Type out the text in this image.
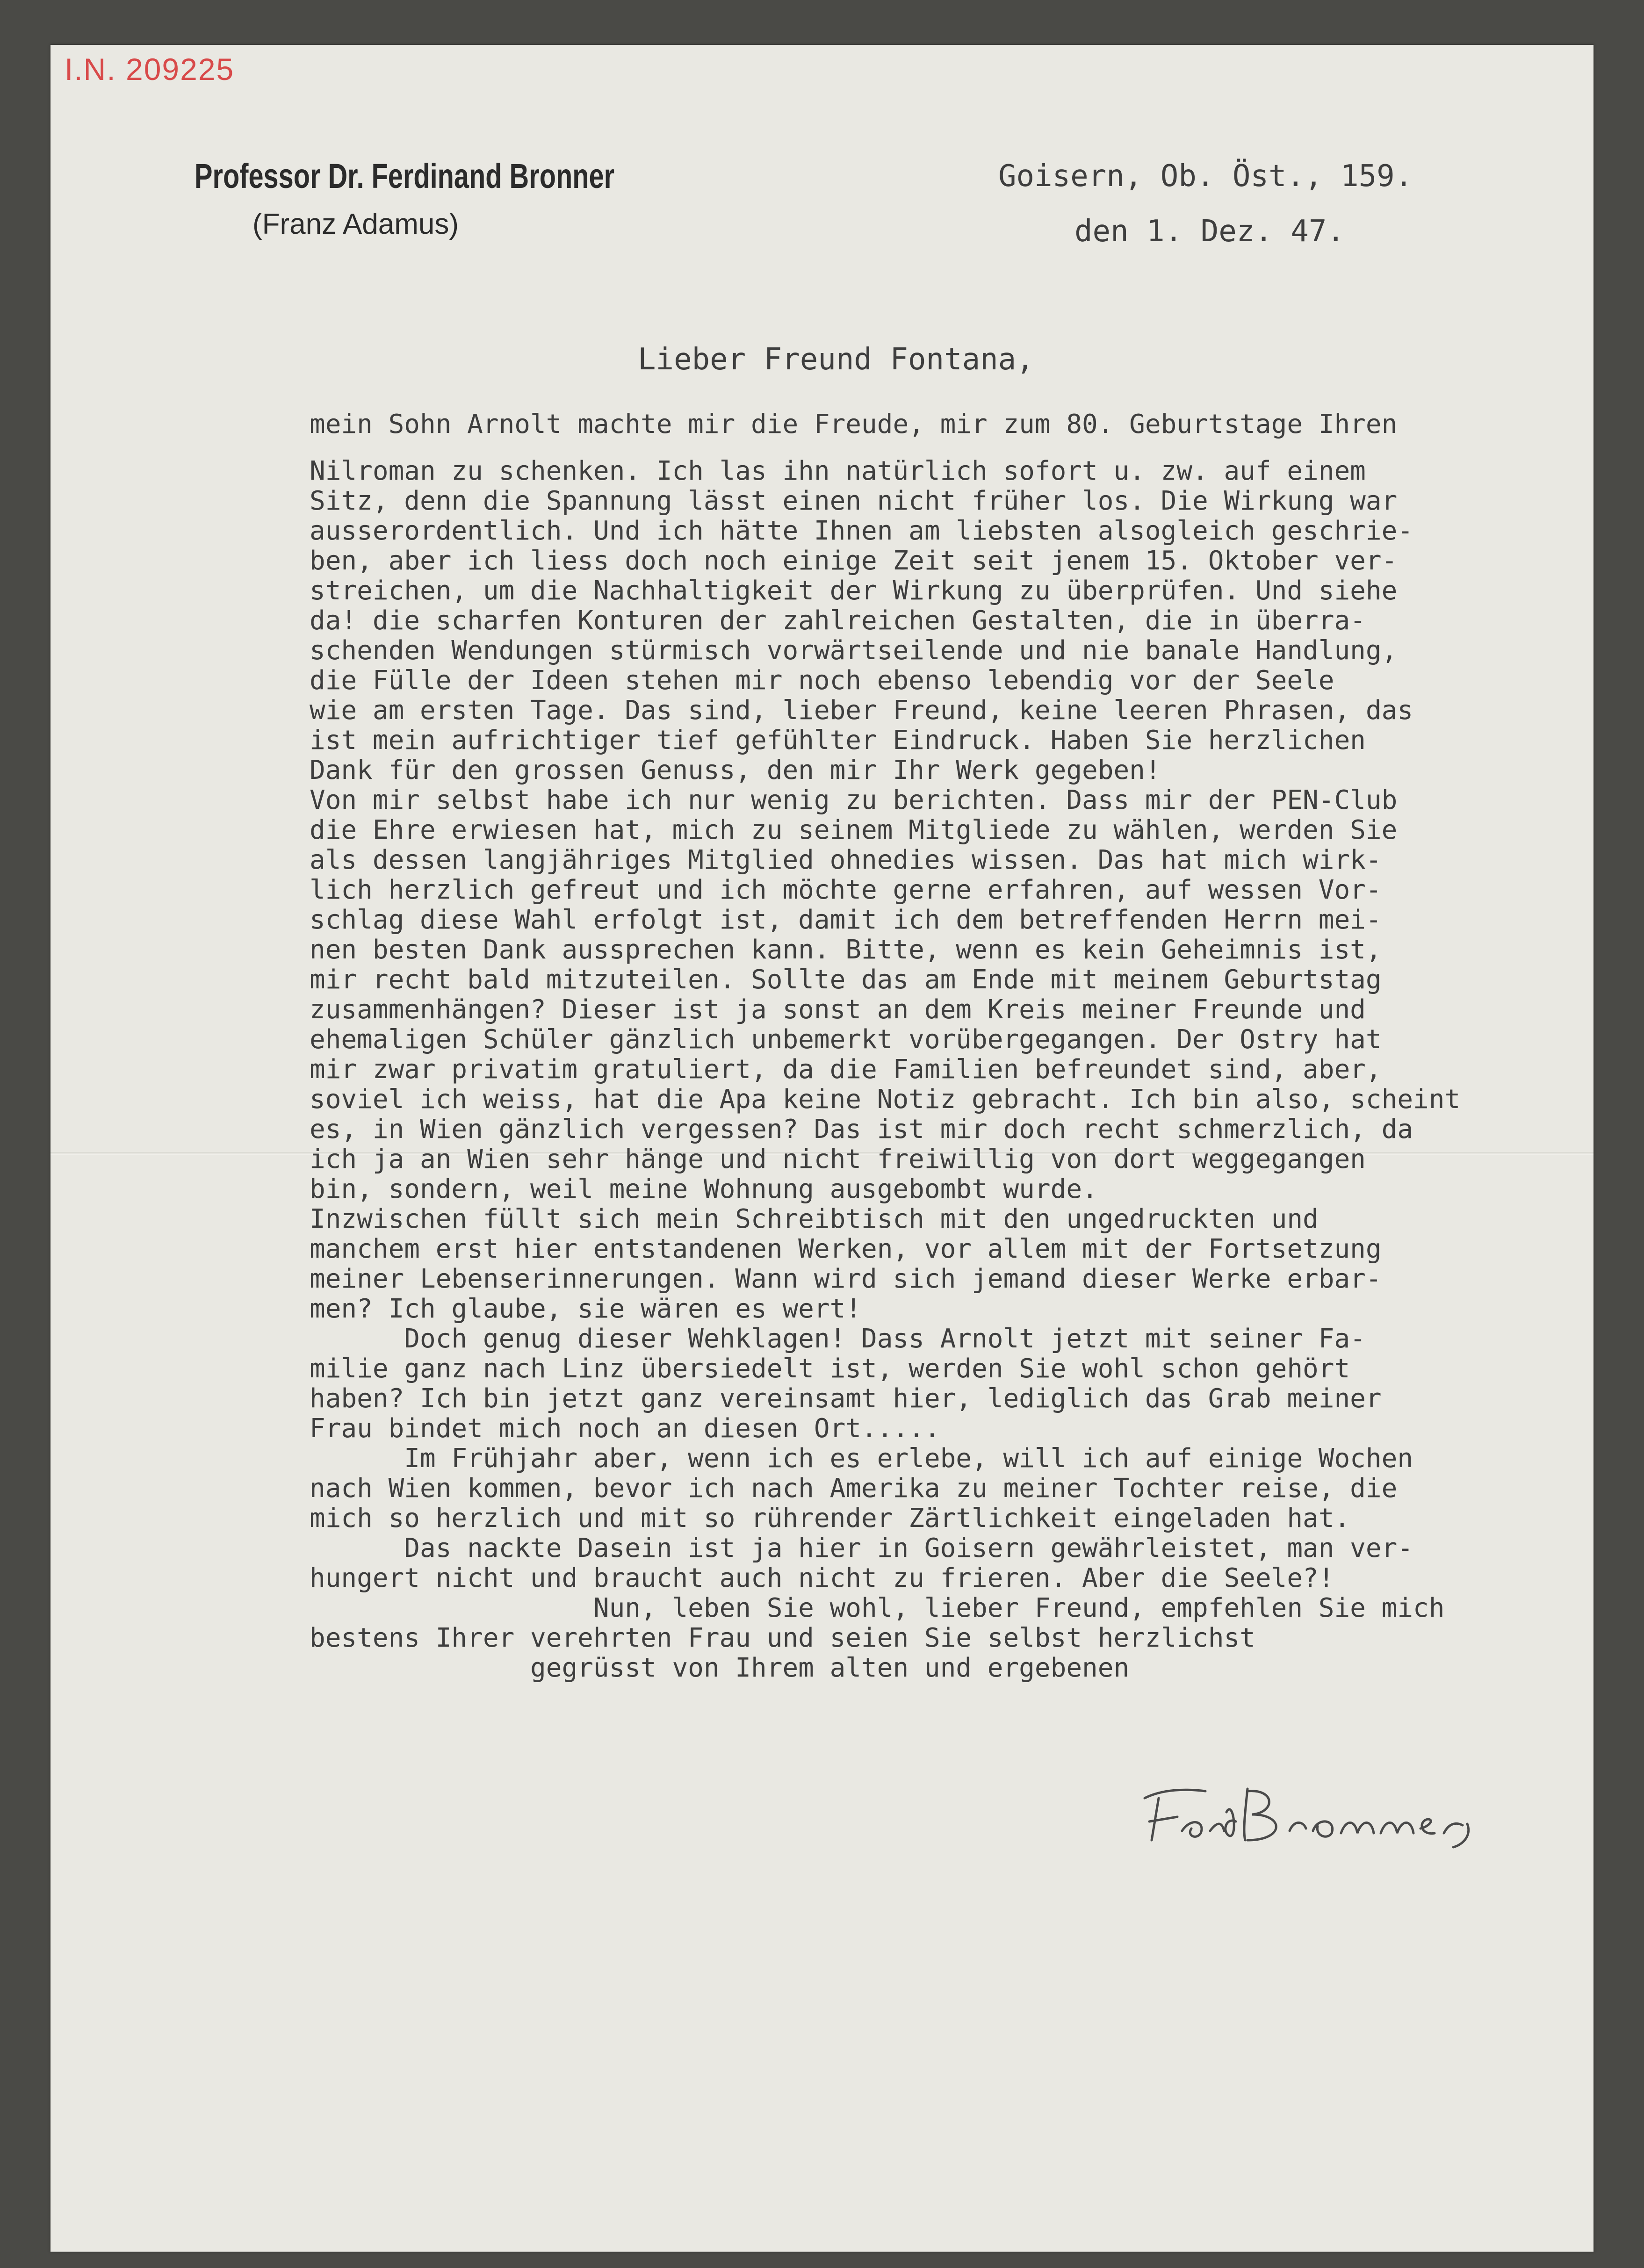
I.N. 209225
Professor Dr. Ferdinand Bronner
(Franz Adamus)
Goisern, Ob. Öst., 159.
den 1. Dez. 47.
Lieber Freund Fontana,
mein Sohn Arnolt machte mir die Freude, mir zum 80. Geburtstage Ihren
Nilroman zu schenken. Ich las ihn natürlich sofort u. zw. auf einem
Sitz, denn die Spannung lässt einen nicht früher los. Die Wirkung war
ausserordentlich. Und ich hätte Ihnen am liebsten alsogleich geschrie-
ben, aber ich liess doch noch einige Zeit seit jenem 15. Oktober ver-
streichen, um die Nachhaltigkeit der Wirkung zu überprüfen. Und siehe
da! die scharfen Konturen der zahlreichen Gestalten, die in überra-
schenden Wendungen stürmisch vorwärtseilende und nie banale Handlung,
die Fülle der Ideen stehen mir noch ebenso lebendig vor der Seele
wie am ersten Tage. Das sind, lieber Freund, keine leeren Phrasen, das
ist mein aufrichtiger tief gefühlter Eindruck. Haben Sie herzlichen
Dank für den grossen Genuss, den mir Ihr Werk gegeben!
Von mir selbst habe ich nur wenig zu berichten. Dass mir der PEN-Club
die Ehre erwiesen hat, mich zu seinem Mitgliede zu wählen, werden Sie
als dessen langjähriges Mitglied ohnedies wissen. Das hat mich wirk-
lich herzlich gefreut und ich möchte gerne erfahren, auf wessen Vor-
schlag diese Wahl erfolgt ist, damit ich dem betreffenden Herrn mei-
nen besten Dank aussprechen kann. Bitte, wenn es kein Geheimnis ist,
mir recht bald mitzuteilen. Sollte das am Ende mit meinem Geburtstag
zusammenhängen? Dieser ist ja sonst an dem Kreis meiner Freunde und
ehemaligen Schüler gänzlich unbemerkt vorübergegangen. Der Ostry hat
mir zwar privatim gratuliert, da die Familien befreundet sind, aber,
soviel ich weiss, hat die Apa keine Notiz gebracht. Ich bin also, scheint
es, in Wien gänzlich vergessen? Das ist mir doch recht schmerzlich, da
ich ja an Wien sehr hänge und nicht freiwillig von dort weggegangen
bin, sondern, weil meine Wohnung ausgebombt wurde.
Inzwischen füllt sich mein Schreibtisch mit den ungedruckten und
manchem erst hier entstandenen Werken, vor allem mit der Fortsetzung
meiner Lebenserinnerungen. Wann wird sich jemand dieser Werke erbar-
men? Ich glaube, sie wären es wert!
Doch genug dieser Wehklagen! Dass Arnolt jetzt mit seiner Fa-
milie ganz nach Linz übersiedelt ist, werden Sie wohl schon gehört
haben? Ich bin jetzt ganz vereinsamt hier, lediglich das Grab meiner
Frau bindet mich noch an diesen Ort.....
Im Frühjahr aber, wenn ich es erlebe, will ich auf einige Wochen
nach Wien kommen, bevor ich nach Amerika zu meiner Tochter reise, die
mich so herzlich und mit so rührender Zärtlichkeit eingeladen hat.
Das nackte Dasein ist ja hier in Goisern gewährleistet, man ver-
hungert nicht und braucht auch nicht zu frieren. Aber die Seele?!
Nun, leben Sie wohl, lieber Freund, empfehlen Sie mich
bestens Ihrer verehrten Frau und seien Sie selbst herzlichst
gegrüsst von Ihrem alten und ergebenen
